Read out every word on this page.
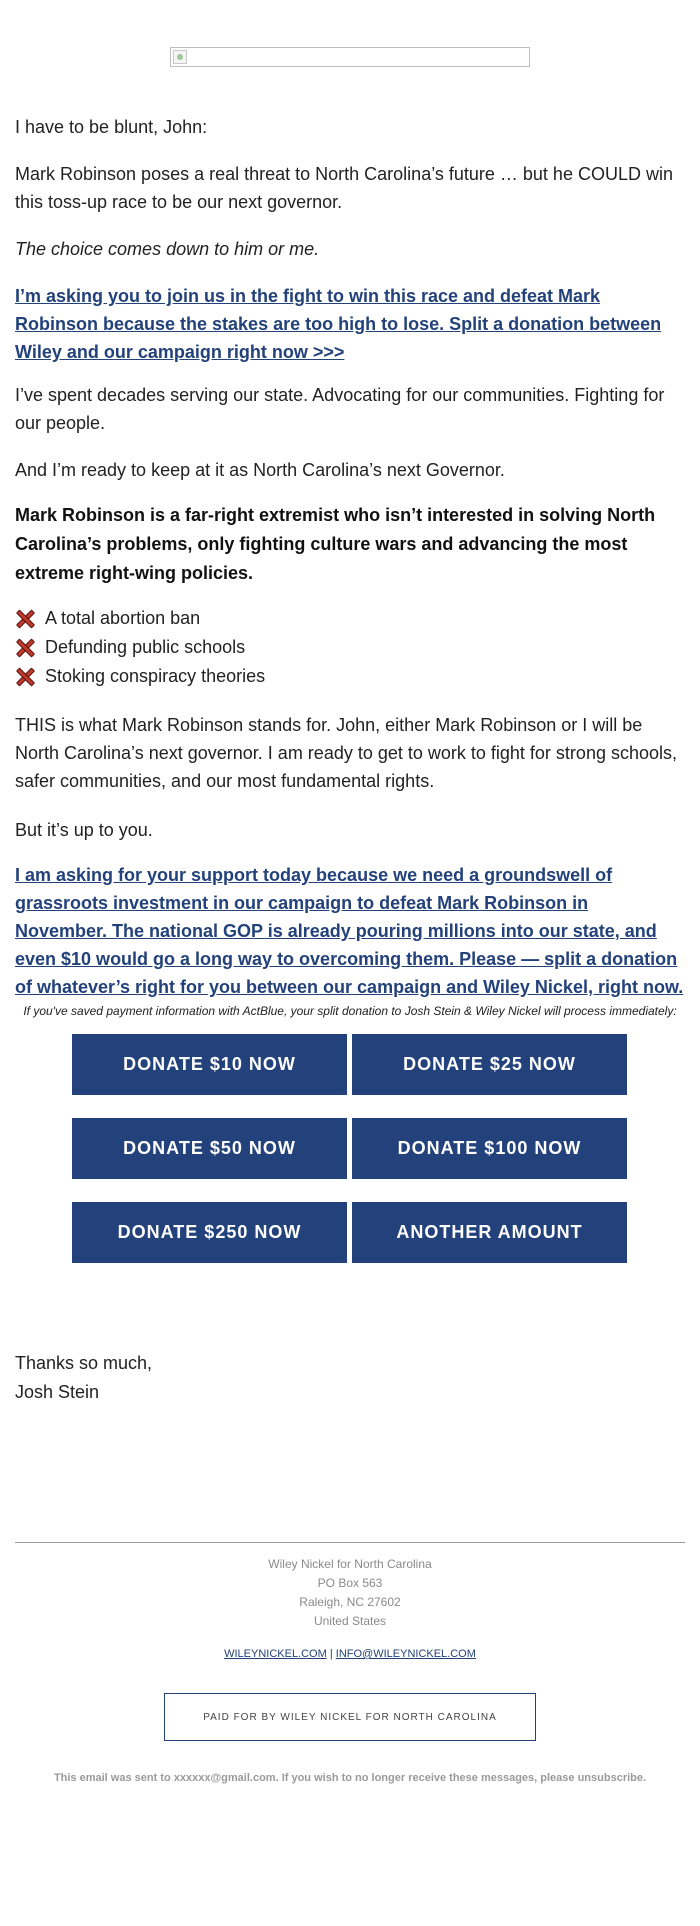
I have to be blunt, John:

Mark Robinson poses a real threat to North Carolina’s future … but he COULD win this toss-up race to be our next governor.

The choice comes down to him or me.

I’m asking you to join us in the fight to win this race and defeat Mark Robinson because the stakes are too high to lose. Split a donation between Wiley and our campaign right now >>>

I’ve spent decades serving our state. Advocating for our communities. Fighting for our people.

And I’m ready to keep at it as North Carolina’s next Governor.

Mark Robinson is a far-right extremist who isn’t interested in solving North Carolina’s problems, only fighting culture wars and advancing the most extreme right-wing policies.

A total abortion ban
Defunding public schools
Stoking conspiracy theories

THIS is what Mark Robinson stands for. John, either Mark Robinson or I will be North Carolina’s next governor. I am ready to get to work to fight for strong schools, safer communities, and our most fundamental rights.

But it’s up to you.

I am asking for your support today because we need a groundswell of grassroots investment in our campaign to defeat Mark Robinson in November. The national GOP is already pouring millions into our state, and even $10 would go a long way to overcoming them. Please — split a donation of whatever’s right for you between our campaign and Wiley Nickel, right now.

If you've saved payment information with ActBlue, your split donation to Josh Stein & Wiley Nickel will process immediately:
DONATE $10 NOW	DONATE $25 NOW
DONATE $50 NOW	DONATE $100 NOW
DONATE $250 NOW	ANOTHER AMOUNT

Thanks so much,

Josh Stein

Wiley Nickel for North Carolina
PO Box 563
Raleigh, NC 27602
United States
WILEYNICKEL.COM | INFO@WILEYNICKEL.COM
PAID FOR BY WILEY NICKEL FOR NORTH CAROLINA
This email was sent to xxxxxx@gmail.com. If you wish to no longer receive these messages, please unsubscribe.
